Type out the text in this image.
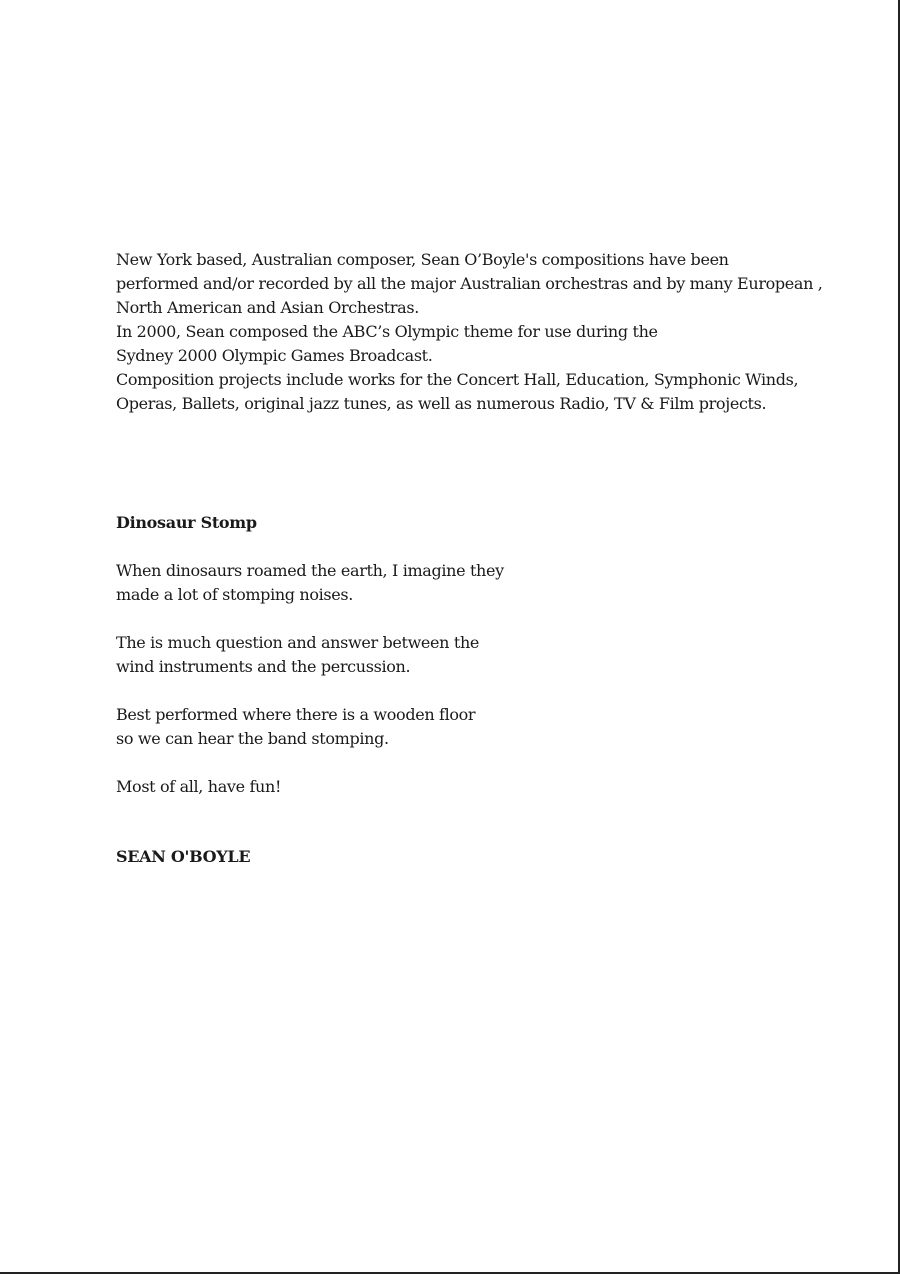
New York based, Australian composer, Sean O’Boyle's compositions have been
performed and/or recorded by all the major Australian orchestras and by many European ,
North American and Asian Orchestras.
In 2000, Sean composed the ABC’s Olympic theme for use during the
Sydney 2000 Olympic Games Broadcast.
Composition projects include works for the Concert Hall, Education, Symphonic Winds,
Operas, Ballets, original jazz tunes, as well as numerous Radio, TV & Film projects.
Dinosaur Stomp
When dinosaurs roamed the earth, I imagine they
made a lot of stomping noises.
The is much question and answer between the
wind instruments and the percussion.
Best performed where there is a wooden floor
so we can hear the band stomping.
Most of all, have fun!
SEAN O'BOYLE
